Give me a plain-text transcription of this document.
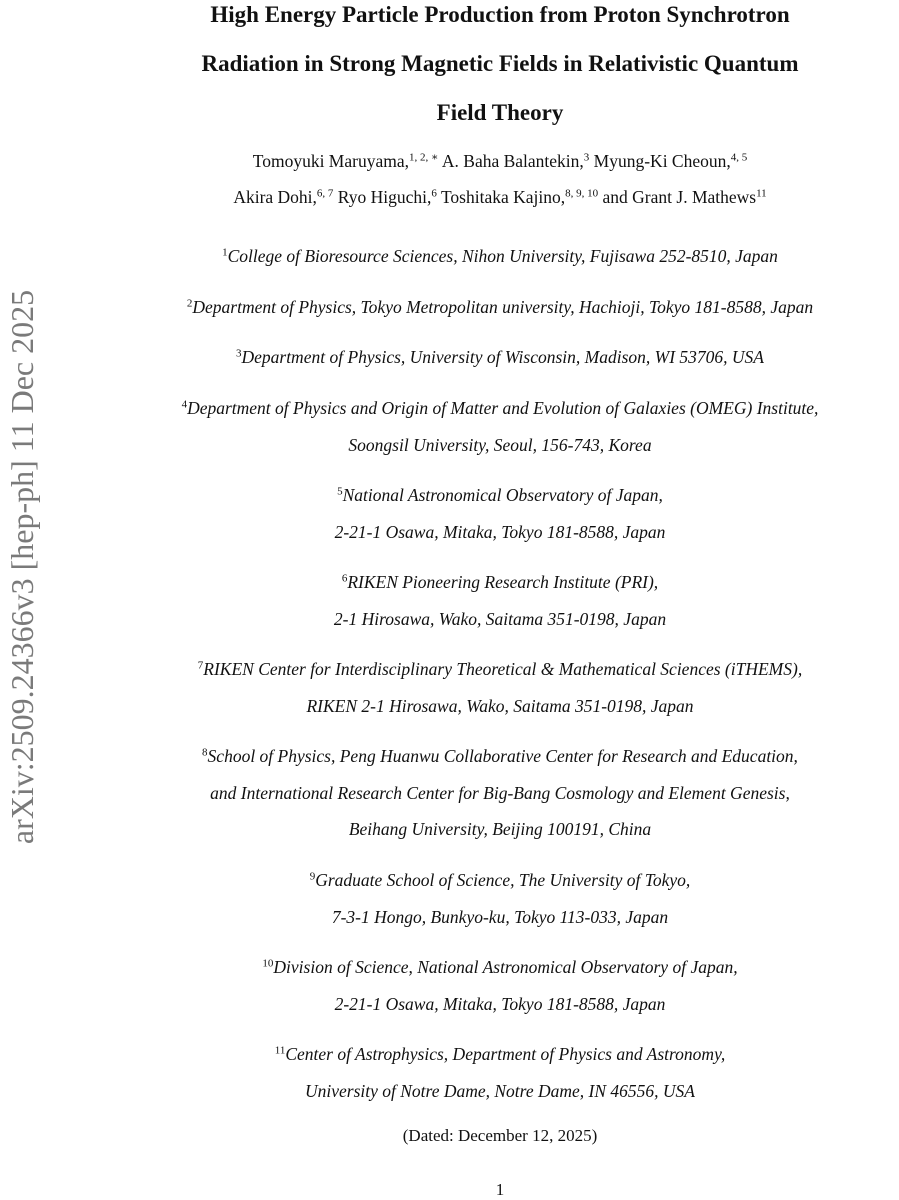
arXiv:2509.24366v3 [hep-ph] 11 Dec 2025
High Energy Particle Production from Proton Synchrotron
Radiation in Strong Magnetic Fields in Relativistic Quantum
Field Theory
Tomoyuki Maruyama,$^{1, 2, ∗}$ A. Baha Balantekin,$^3$ Myung-Ki Cheoun,$^{4, 5}$
Akira Dohi,$^{6, 7}$ Ryo Higuchi,$^6$ Toshitaka Kajino,$^{8, 9, 10}$ and Grant J. Mathews$^{11}$
$^1$College of Bioresource Sciences, Nihon University, Fujisawa 252-8510, Japan
$^2$Department of Physics, Tokyo Metropolitan university, Hachioji, Tokyo 181-8588, Japan
$^3$Department of Physics, University of Wisconsin, Madison, WI 53706, USA
$^4$Department of Physics and Origin of Matter and Evolution of Galaxies (OMEG) Institute,
Soongsil University, Seoul, 156-743, Korea
$^5$National Astronomical Observatory of Japan,
2-21-1 Osawa, Mitaka, Tokyo 181-8588, Japan
$^6$RIKEN Pioneering Research Institute (PRI),
2-1 Hirosawa, Wako, Saitama 351-0198, Japan
$^7$RIKEN Center for Interdisciplinary Theoretical & Mathematical Sciences (iTHEMS),
RIKEN 2-1 Hirosawa, Wako, Saitama 351-0198, Japan
$^8$School of Physics, Peng Huanwu Collaborative Center for Research and Education,
and International Research Center for Big-Bang Cosmology and Element Genesis,
Beihang University, Beijing 100191, China
$^9$Graduate School of Science, The University of Tokyo,
7-3-1 Hongo, Bunkyo-ku, Tokyo 113-033, Japan
$^{10}$Division of Science, National Astronomical Observatory of Japan,
2-21-1 Osawa, Mitaka, Tokyo 181-8588, Japan
$^{11}$Center of Astrophysics, Department of Physics and Astronomy,
University of Notre Dame, Notre Dame, IN 46556, USA
(Dated: December 12, 2025)
1
